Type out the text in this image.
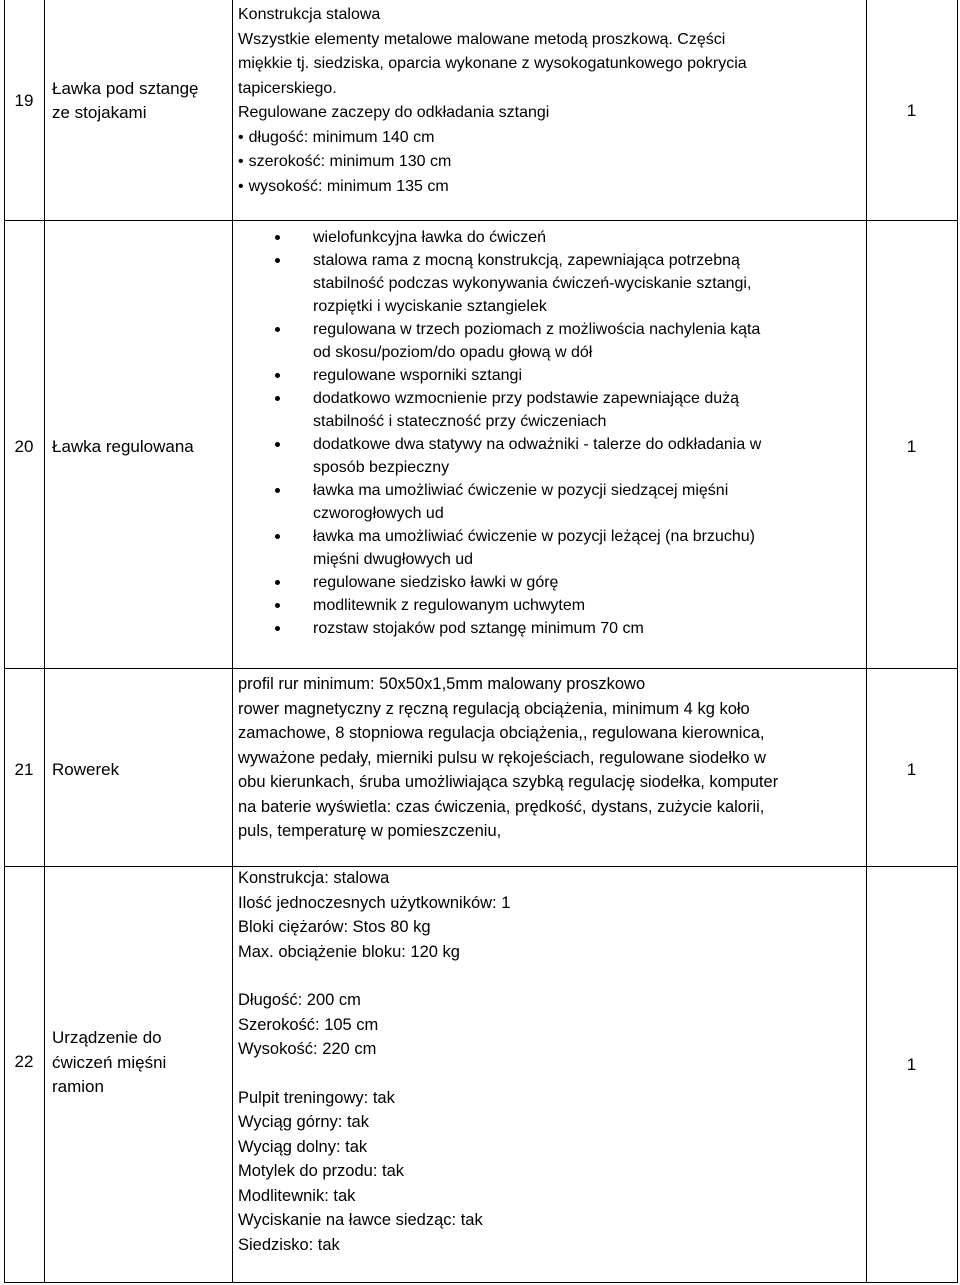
19
Ławka pod sztangę
ze stojakami
Konstrukcja stalowa
Wszystkie elementy metalowe malowane metodą proszkową. Części
miękkie tj. siedziska, oparcia wykonane z wysokogatunkowego pokrycia
tapicerskiego.
Regulowane zaczepy do odkładania sztangi
• długość: minimum 140 cm
• szerokość: minimum 130 cm
• wysokość: minimum 135 cm
1
20	Ławka regulowana
wielofunkcyjna ławka do ćwiczeń
stalowa rama z mocną konstrukcją, zapewniająca potrzebną
stabilność podczas wykonywania ćwiczeń-wyciskanie sztangi,
rozpiętki i wyciskanie sztangielek
regulowana w trzech poziomach z możliwościa nachylenia kąta
od skosu/poziom/do opadu głową w dół
regulowane wsporniki sztangi
dodatkowo wzmocnienie przy podstawie zapewniające dużą
stabilność i stateczność przy ćwiczeniach
dodatkowe dwa statywy na odważniki - talerze do odkładania w
sposób bezpieczny
ławka ma umożliwiać ćwiczenie w pozycji siedzącej mięśni
czworogłowych ud
ławka ma umożliwiać ćwiczenie w pozycji leżącej (na brzuchu)
mięśni dwugłowych ud
regulowane siedzisko ławki w górę
modlitewnik z regulowanym uchwytem
rozstaw stojaków pod sztangę minimum 70 cm
1
21	Rowerek
profil rur minimum: 50x50x1,5mm malowany proszkowo
rower magnetyczny z ręczną regulacją obciążenia, minimum 4 kg koło
zamachowe, 8 stopniowa regulacja obciążenia,, regulowana kierownica,
wyważone pedały, mierniki pulsu w rękojeściach, regulowane siodełko w
obu kierunkach, śruba umożliwiająca szybką regulację siodełka, komputer
na baterie wyświetla: czas ćwiczenia, prędkość, dystans, zużycie kalorii,
puls, temperaturę w pomieszczeniu,
1
22
Urządzenie do
ćwiczeń mięśni
ramion
Konstrukcja: stalowa
Ilość jednoczesnych użytkowników: 1
Bloki ciężarów: Stos 80 kg
Max. obciążenie bloku: 120 kg
Długość: 200 cm
Szerokość: 105 cm
Wysokość: 220 cm
Pulpit treningowy: tak
Wyciąg górny: tak
Wyciąg dolny: tak
Motylek do przodu: tak
Modlitewnik: tak
Wyciskanie na ławce siedząc: tak
Siedzisko: tak
1
